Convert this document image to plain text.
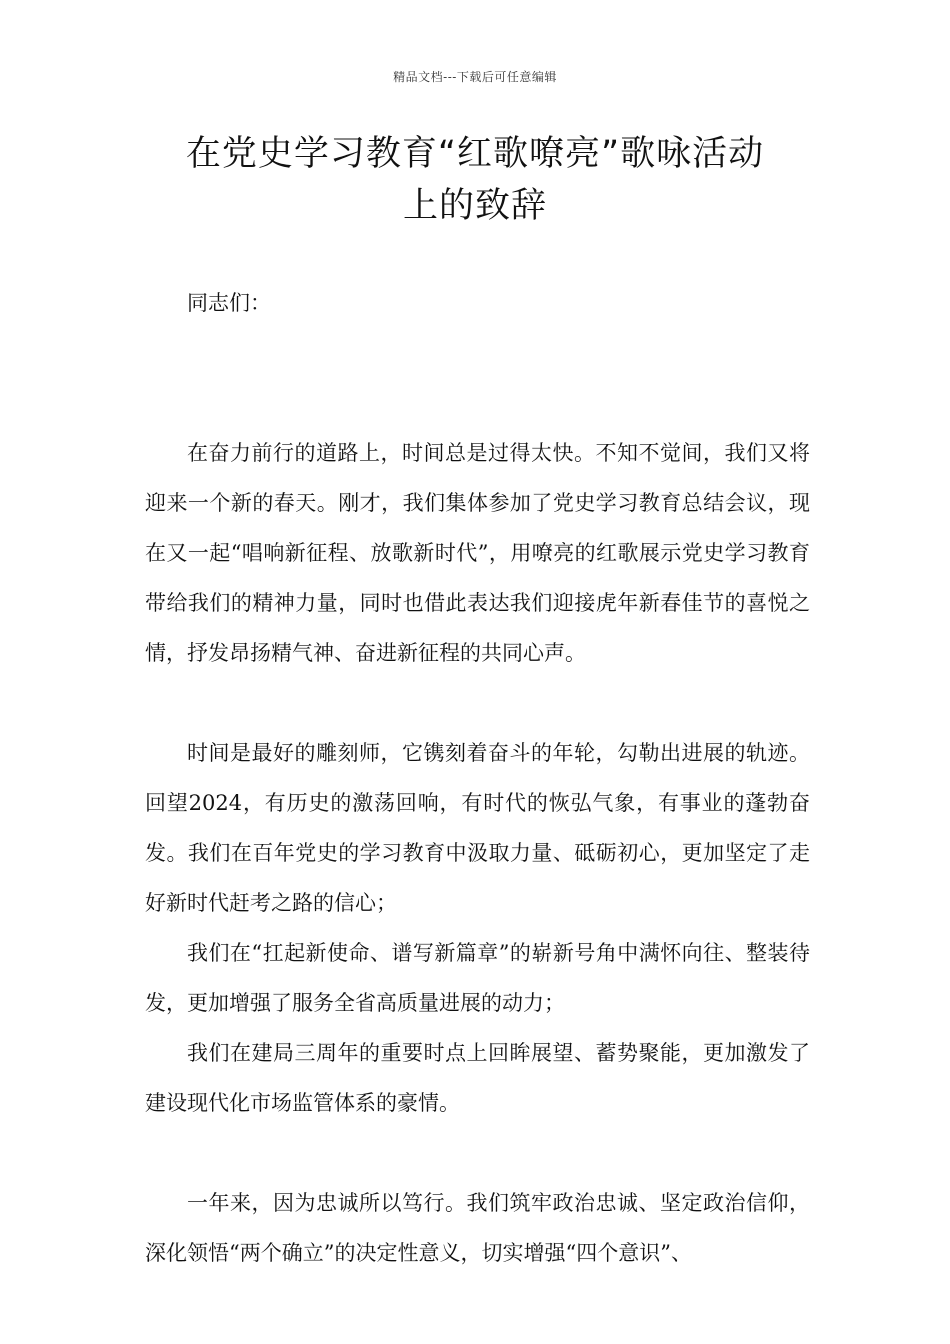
精品文档---下载后可任意编辑
在党史学习教育“红歌嘹亮”歌咏活动
上的致辞

同志们：

在奋力前行的道路上，时间总是过得太快。不知不觉间，我们又将迎来一个新的春天。刚才，我们集体参加了党史学习教育总结会议，现在又一起“唱响新征程、放歌新时代”，用嘹亮的红歌展示党史学习教育带给我们的精神力量，同时也借此表达我们迎接虎年新春佳节的喜悦之情，抒发昂扬精气神、奋进新征程的共同心声。

时间是最好的雕刻师，它镌刻着奋斗的年轮，勾勒出进展的轨迹。回望2024，有历史的激荡回响，有时代的恢弘气象，有事业的蓬勃奋发。我们在百年党史的学习教育中汲取力量、砥砺初心，更加坚定了走好新时代赶考之路的信心；

我们在“扛起新使命、谱写新篇章”的崭新号角中满怀向往、整装待发，更加增强了服务全省高质量进展的动力；

我们在建局三周年的重要时点上回眸展望、蓄势聚能，更加激发了建设现代化市场监管体系的豪情。

一年来，因为忠诚所以笃行。我们筑牢政治忠诚、坚定政治信仰，深化领悟“两个确立”的决定性意义，切实增强“四个意识”、
